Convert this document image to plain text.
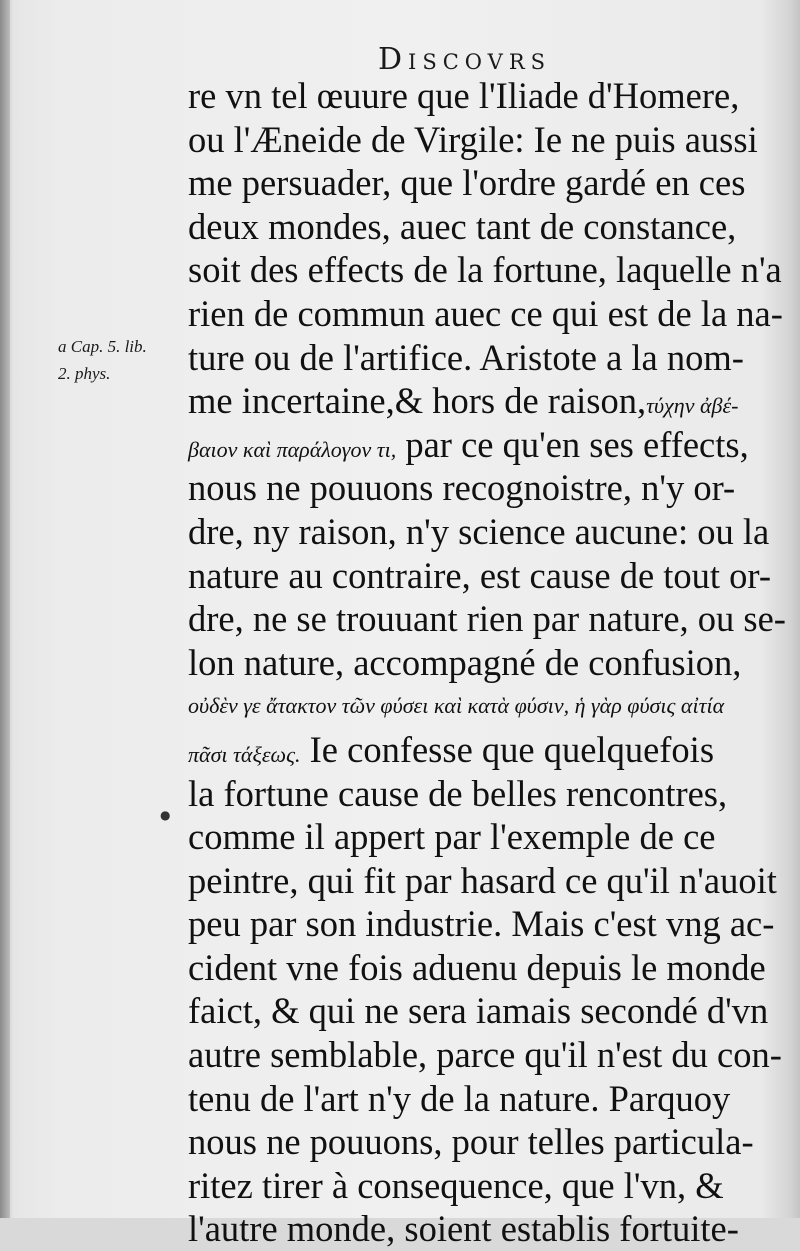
Discovrs
a Cap. 5. lib.
2. phys.
●
re vn tel œuure que l'Iliade d'Homere,
ou l'Æneide de Virgile: Ie ne puis aussi
me persuader, que l'ordre gardé en ces
deux mondes, auec tant de constance,
soit des effects de la fortune, laquelle n'a
rien de commun auec ce qui est de la na-
ture ou de l'artifice. Aristote a la nom-
me incertaine,& hors de raison,τύχην ἀβέ-
βαιον καὶ παράλογον τι, par ce qu'en ses effects,
nous ne pouuons recognoistre, n'y or-
dre, ny raison, n'y science aucune: ou la
nature au contraire, est cause de tout or-
dre, ne se trouuant rien par nature, ou se-
lon nature, accompagné de confusion,
οὐδὲν γε ἄτακτον τῶν φύσει καὶ κατὰ φύσιν, ἡ γὰρ φύσις αἰτία
πᾶσι τάξεως. Ie confesse que quelquefois
la fortune cause de belles rencontres,
comme il appert par l'exemple de ce
peintre, qui fit par hasard ce qu'il n'auoit
peu par son industrie. Mais c'est vng ac-
cident vne fois aduenu depuis le monde
faict, & qui ne sera iamais secondé d'vn
autre semblable, parce qu'il n'est du con-
tenu de l'art n'y de la nature. Parquoy
nous ne pouuons, pour telles particula-
ritez tirer à consequence, que l'vn, &
l'autre monde, soient establis fortuite-
